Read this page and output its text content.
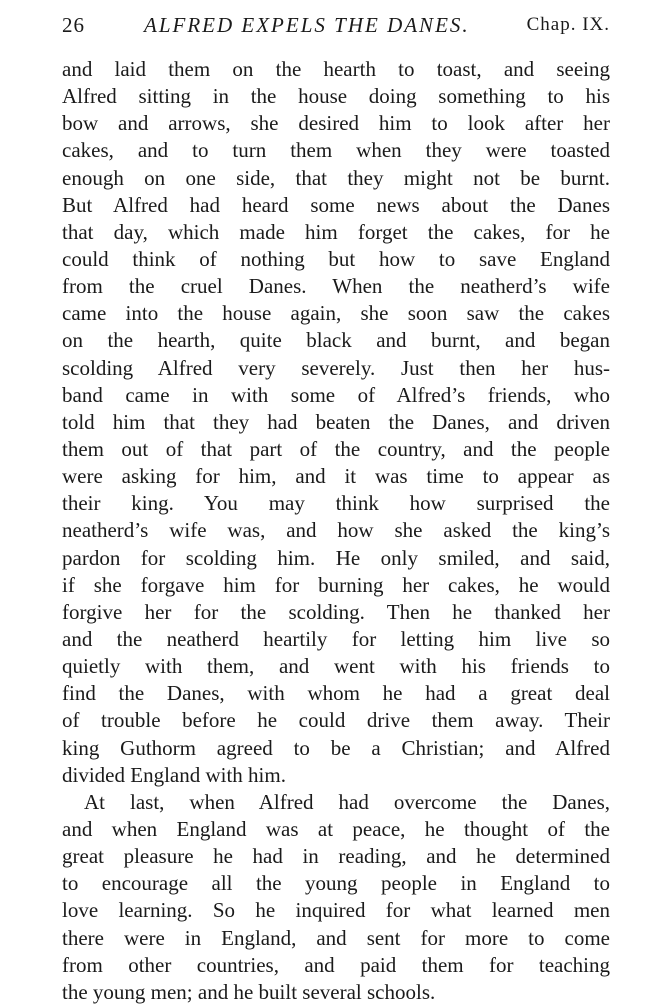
26	ALFRED EXPELS THE DANES.	Chap. IX.
and laid them on the hearth to toast, and seeing
Alfred sitting in the house doing something to his
bow and arrows, she desired him to look after her
cakes, and to turn them when they were toasted
enough on one side, that they might not be burnt.
But Alfred had heard some news about the Danes
that day, which made him forget the cakes, for he
could think of nothing but how to save England
from the cruel Danes. When the neatherd’s wife
came into the house again, she soon saw the cakes
on the hearth, quite black and burnt, and began
scolding Alfred very severely. Just then her hus-
band came in with some of Alfred’s friends, who
told him that they had beaten the Danes, and driven
them out of that part of the country, and the people
were asking for him, and it was time to appear as
their king. You may think how surprised the
neatherd’s wife was, and how she asked the king’s
pardon for scolding him. He only smiled, and said,
if she forgave him for burning her cakes, he would
forgive her for the scolding. Then he thanked her
and the neatherd heartily for letting him live so
quietly with them, and went with his friends to
find the Danes, with whom he had a great deal
of trouble before he could drive them away. Their
king Guthorm agreed to be a Christian; and Alfred
divided England with him.
At last, when Alfred had overcome the Danes,
and when England was at peace, he thought of the
great pleasure he had in reading, and he determined
to encourage all the young people in England to
love learning. So he inquired for what learned men
there were in England, and sent for more to come
from other countries, and paid them for teaching
the young men; and he built several schools.
